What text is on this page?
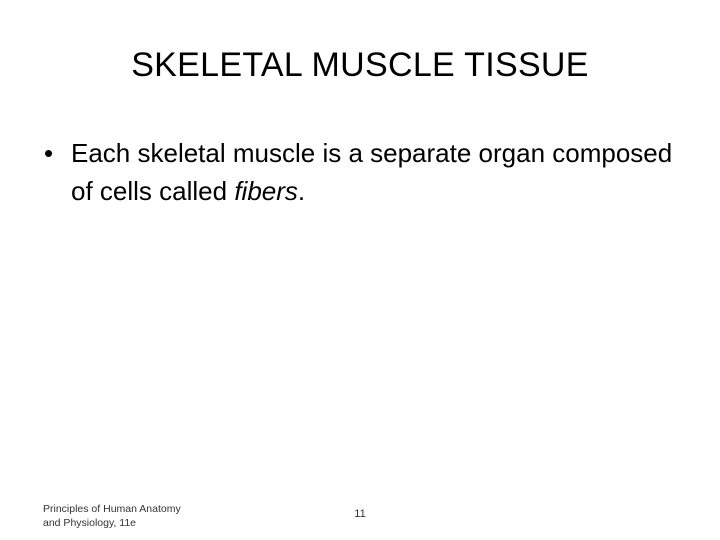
SKELETAL MUSCLE TISSUE
• Each skeletal muscle is a separate organ composed of cells called fibers.
Principles of Human Anatomy
and Physiology, 11e
11
